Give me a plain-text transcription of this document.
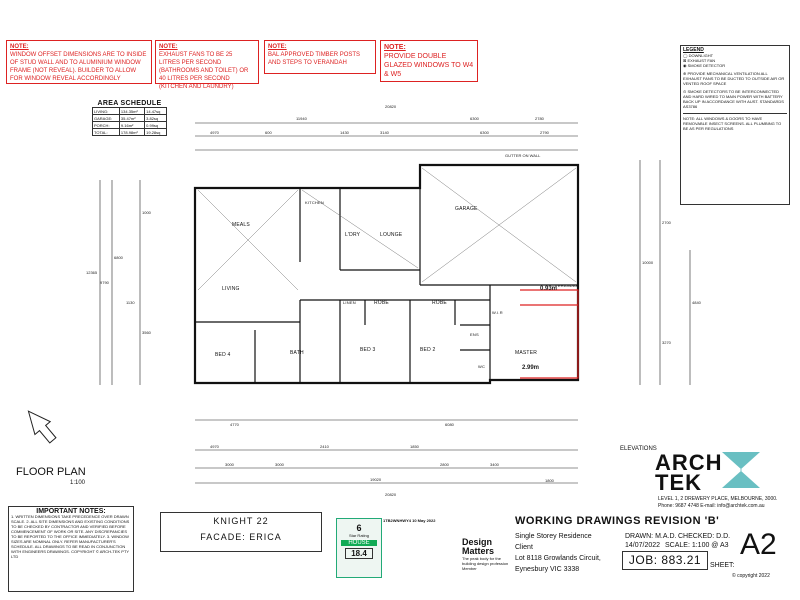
NOTE:
WINDOW OFFSET DIMENSIONS ARE TO INSIDE OF STUD WALL AND TO ALUMINIUM WINDOW FRAME (NOT REVEAL). BUILDER TO ALLOW FOR WINDOW REVEAL ACCORDINGLY
NOTE:
EXHAUST FANS TO BE 25 LITRES PER SECOND (BATHROOMS AND TOILET) OR 40 LITRES PER SECOND (KITCHEN AND LAUNDRY)
NOTE:
BAL APPROVED TIMBER POSTS AND STEPS TO VERANDAH
NOTE:
PROVIDE DOUBLE GLAZED WINDOWS TO W4 & W5
AREA SCHEDULE
LIVING:	134.35m²	14.47sq
GARAGE:	35.47m²	3.82sq
PORCH:	9.16m²	0.99sq
TOTAL:	178.98m²	19.28sq
LEGEND
◯ DOWNLIGHT
⊠ EXHAUST FAN
◉ SMOKE DETECTOR
⊕ PROVIDE MECHANICAL VENTILATION ALL EXHAUST FANS TO BE DUCTED TO OUTSIDE AIR OR VENTED ROOF SPACE
⊙ SMOKE DETECTORS TO BE INTERCONNECTED AND HARD WIRED TO MAIN POWER WITH BATTERY BACK UP IN ACCORDANCE WITH AUST. STANDARDS AS3786
NOTE: ALL WINDOWS & DOORS TO HAVE REMOVABLE INSECT SCREENS. ALL PLUMBING TO BE AS PER REGULATIONS
MEALS
KITCHEN
L'DRY	LOUNGE
GARAGE
LIVING
BED 4	BATH	BED 3	BED 2	MASTER
ROBE	ROBE
LINEN
VERANDAH
W.I.R
ENS
WC
20820
11940	6300	2780
4970	600	1430	3140	6300	2790
4770	6080
4970
3000	3000
2410	1850
2800	3400
1800
19020
20820
12365
9790
6800
3560
1130
1000
10000
2700
4840
3270
0.93m
2.99m
GUTTER ON WALL
FLOOR PLAN
1:100
IMPORTANT NOTES:
1. WRITTEN DIMENSIONS TAKE PRECEDENCE OVER DRAWN SCALE. 2. ALL SITE DIMENSIONS AND EXISTING CONDITIONS TO BE CHECKED BY CONTRACTOR AND VERIFIED BEFORE COMMENCEMENT OF WORK OR SITE. ANY DISCREPANCIES TO BE REPORTED TO THE OFFICE IMMEDIATELY. 3. WINDOW SIZES ARE NOMINAL ONLY. REFER MANUFACTURER'S SCHEDULE. ALL DRAWINGS TO BE READ IN CONJUNCTION WITH ENGINEERS DRAWINGS. COPYRIGHT © ARCH-TEK PTY LTD
KNIGHT 22
FACADE: ERICA
6
Star Rating
HOUSE
18.4
1TB2WNHWY4 10 May 2022
Design Matters
The peak body for the building design profession
Member
WORKING DRAWINGS REVISION 'B'
Single Storey Residence
Client
Lot 8118 Growlands Circuit,
Eynesbury VIC 3338
DRAWN: M.A.D. CHECKED: D.D.
14/07/2022 SCALE: 1:100 @ A3
JOB: 883.21	SHEET:
A2
© copyright 2022
ARCH
TEK
LEVEL 1, 2 DREWERY PLACE, MELBOURNE, 3000.
Phone: 9687 4748 E-mail: info@archtek.com.au
ELEVATIONS
